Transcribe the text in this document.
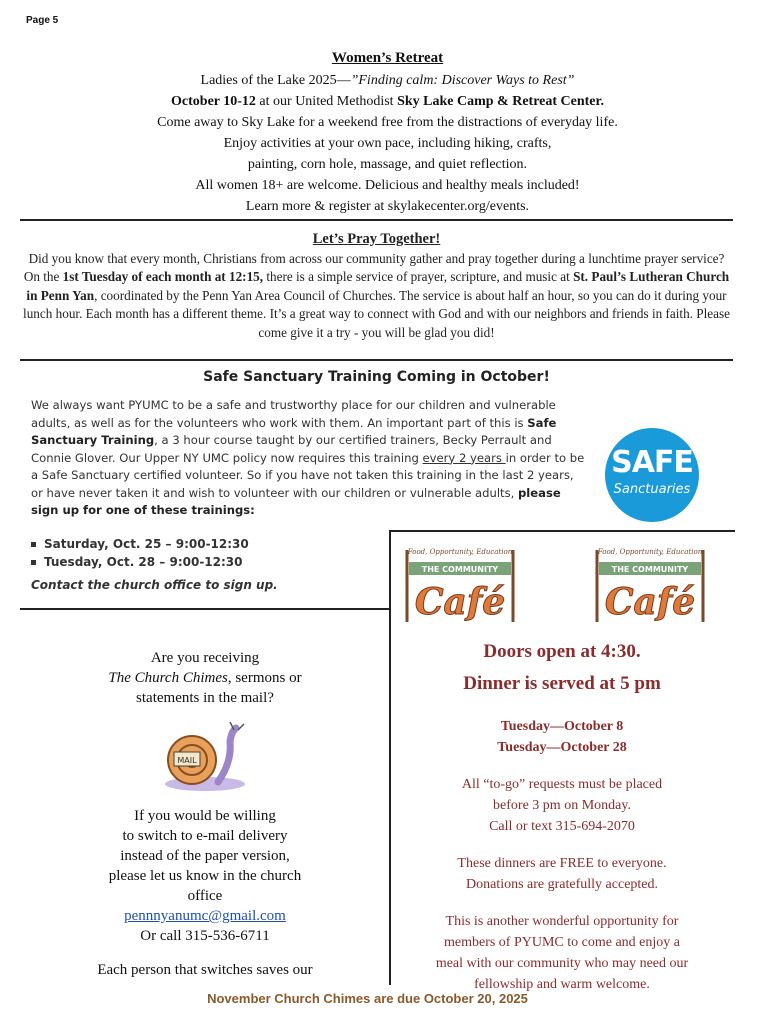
Page 5
Women’s Retreat
Ladies of the Lake 2025—”Finding calm: Discover Ways to Rest”
October 10-12 at our United Methodist Sky Lake Camp & Retreat Center.
Come away to Sky Lake for a weekend free from the distractions of everyday life.
Enjoy activities at your own pace, including hiking, crafts,
painting, corn hole, massage, and quiet reflection.
All women 18+ are welcome. Delicious and healthy meals included!
Learn more & register at skylakecenter.org/events.
Let’s Pray Together!
Did you know that every month, Christians from across our community gather and pray together during a lunchtime prayer service? On the 1st Tuesday of each month at 12:15, there is a simple service of prayer, scripture, and music at St. Paul’s Lutheran Church in Penn Yan, coordinated by the Penn Yan Area Council of Churches. The service is about half an hour, so you can do it during your lunch hour. Each month has a different theme. It’s a great way to connect with God and with our neighbors and friends in faith. Please come give it a try - you will be glad you did!
Safe Sanctuary Training Coming in October!
We always want PYUMC to be a safe and trustworthy place for our children and vulnerable adults, as well as for the volunteers who work with them. An important part of this is Safe Sanctuary Training, a 3 hour course taught by our certified trainers, Becky Perrault and Connie Glover. Our Upper NY UMC policy now requires this training every 2 years in order to be a Safe Sanctuary certified volunteer. So if you have not taken this training in the last 2 years, or have never taken it and wish to volunteer with our children or vulnerable adults, please sign up for one of these trainings:
SAFE
Sanctuaries
Saturday, Oct. 25 – 9:00-12:30
Tuesday, Oct. 28 – 9:00-12:30
Contact the church office to sign up.
Are you receiving
The Church Chimes, sermons or
statements in the mail?
MAIL
If you would be willing
to switch to e-mail delivery
instead of the paper version,
please let us know in the church
office
pennnyanumc@gmail.com
Or call 315-536-6711
Each person that switches saves our
Food, Opportunity, Education
THE COMMUNITY
Café
Food, Opportunity, Education
THE COMMUNITY
Café
Doors open at 4:30.
Dinner is served at 5 pm
Tuesday—October 8
Tuesday—October 28
All “to-go” requests must be placed
before 3 pm on Monday.
Call or text 315-694-2070
These dinners are FREE to everyone.
Donations are gratefully accepted.
This is another wonderful opportunity for
members of PYUMC to come and enjoy a
meal with our community who may need our
fellowship and warm welcome.
November Church Chimes are due October 20, 2025
